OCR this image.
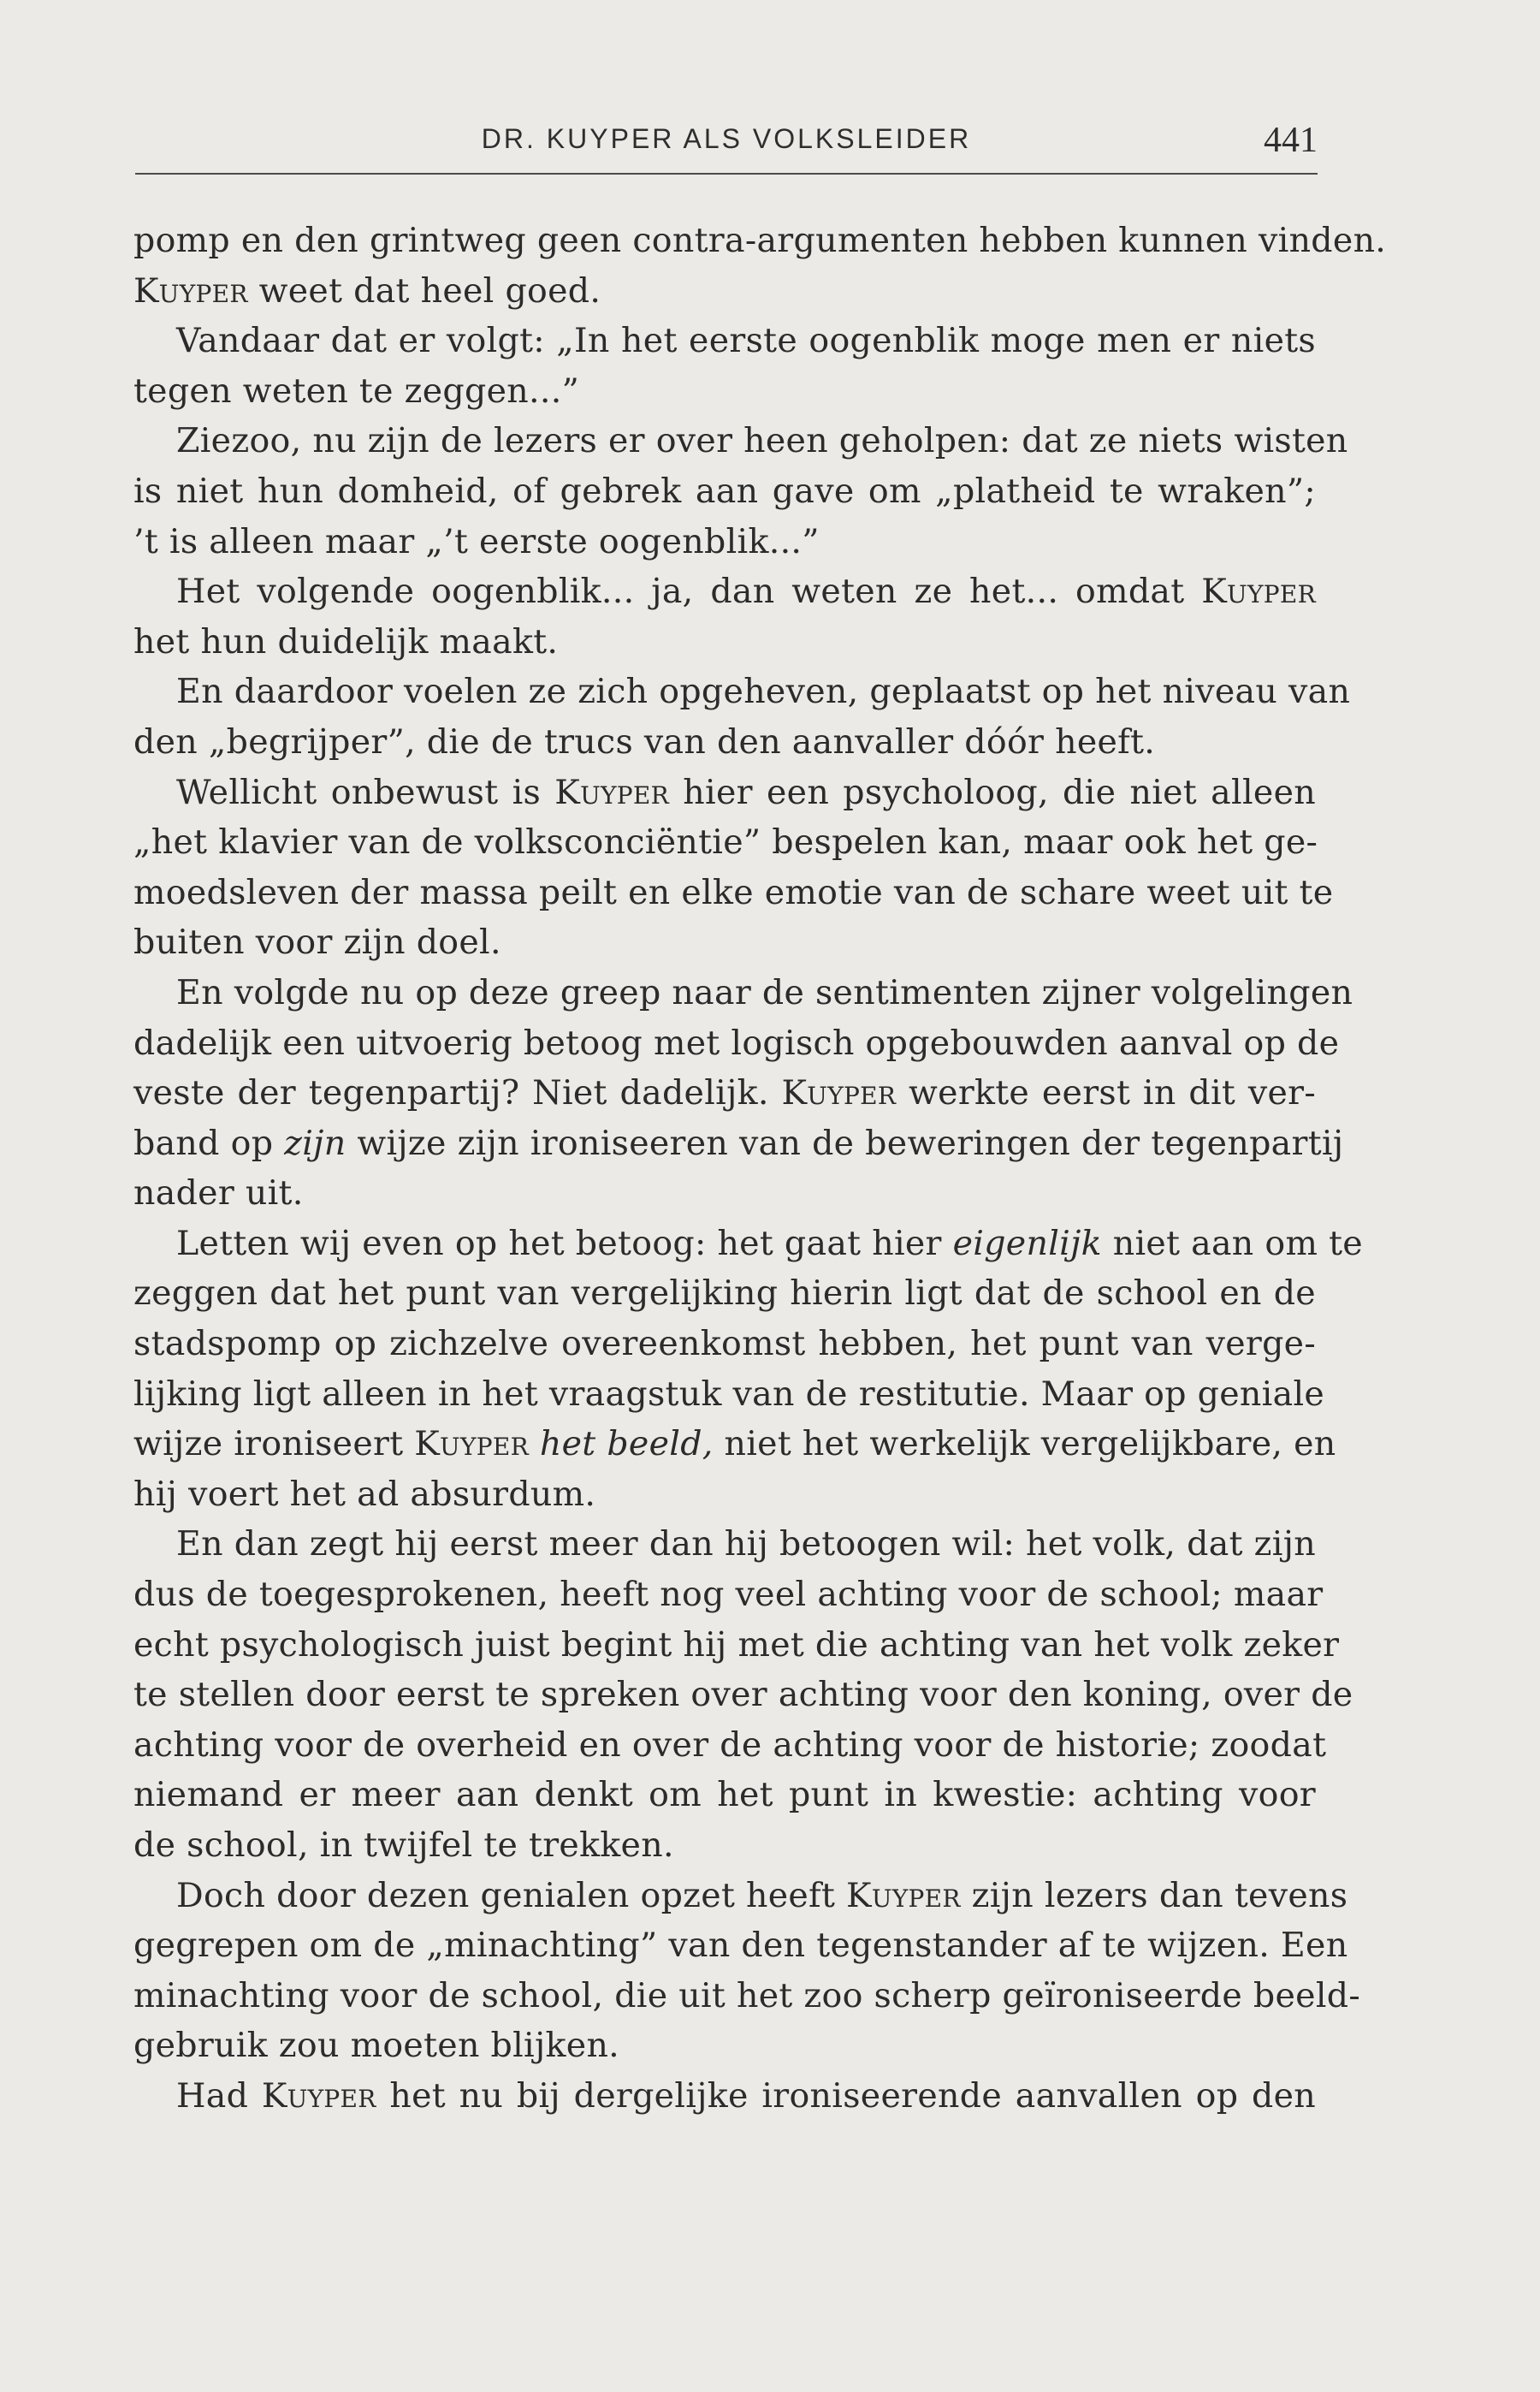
DR. KUYPER ALS VOLKSLEIDER	441
pomp en den grintweg geen contra-argumenten hebben kunnen vinden.
Kuyper weet dat heel goed.
Vandaar dat er volgt: „In het eerste oogenblik moge men er niets
tegen weten te zeggen...”
Ziezoo, nu zijn de lezers er over heen geholpen: dat ze niets wisten
is niet hun domheid, of gebrek aan gave om „platheid te wraken”;
’t is alleen maar „’t eerste oogenblik...”
Het volgende oogenblik... ja, dan weten ze het... omdat Kuyper
het hun duidelijk maakt.
En daardoor voelen ze zich opgeheven, geplaatst op het niveau van
den „begrijper”, die de trucs van den aanvaller dóór heeft.
Wellicht onbewust is Kuyper hier een psycholoog, die niet alleen
„het klavier van de volksconciëntie” bespelen kan, maar ook het ge-
moedsleven der massa peilt en elke emotie van de schare weet uit te
buiten voor zijn doel.
En volgde nu op deze greep naar de sentimenten zijner volgelingen
dadelijk een uitvoerig betoog met logisch opgebouwden aanval op de
veste der tegenpartij? Niet dadelijk. Kuyper werkte eerst in dit ver-
band op zijn wijze zijn ironiseeren van de beweringen der tegenpartij
nader uit.
Letten wij even op het betoog: het gaat hier eigenlijk niet aan om te
zeggen dat het punt van vergelijking hierin ligt dat de school en de
stadspomp op zichzelve overeenkomst hebben, het punt van verge-
lijking ligt alleen in het vraagstuk van de restitutie. Maar op geniale
wijze ironiseert Kuyper het beeld, niet het werkelijk vergelijkbare, en
hij voert het ad absurdum.
En dan zegt hij eerst meer dan hij betoogen wil: het volk, dat zijn
dus de toegesprokenen, heeft nog veel achting voor de school; maar
echt psychologisch juist begint hij met die achting van het volk zeker
te stellen door eerst te spreken over achting voor den koning, over de
achting voor de overheid en over de achting voor de historie; zoodat
niemand er meer aan denkt om het punt in kwestie: achting voor
de school, in twijfel te trekken.
Doch door dezen genialen opzet heeft Kuyper zijn lezers dan tevens
gegrepen om de „minachting” van den tegenstander af te wijzen. Een
minachting voor de school, die uit het zoo scherp geïroniseerde beeld-
gebruik zou moeten blijken.
Had Kuyper het nu bij dergelijke ironiseerende aanvallen op den
